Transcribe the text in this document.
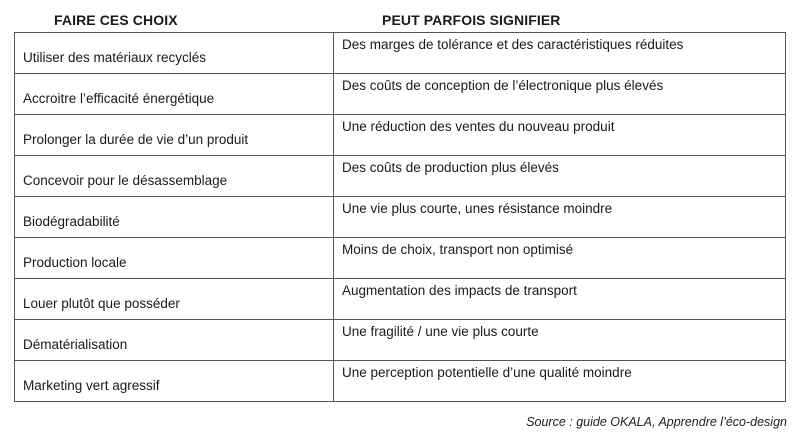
FAIRE CES CHOIX	PEUT PARFOIS SIGNIFIER
Utiliser des matériaux recyclés	Des marges de tolérance et des caractéristiques réduites
Accroitre l’efficacité énergétique	Des coûts de conception de l’électronique plus élevés
Prolonger la durée de vie d’un produit	Une réduction des ventes du nouveau produit
Concevoir pour le désassemblage	Des coûts de production plus élevés
Biodégradabilité	Une vie plus courte, unes résistance moindre
Production locale	Moins de choix, transport non optimisé
Louer plutôt que posséder	Augmentation des impacts de transport
Dématérialisation	Une fragilité / une vie plus courte
Marketing vert agressif	Une perception potentielle d’une qualité moindre
Source : guide OKALA, Apprendre l’éco-design
